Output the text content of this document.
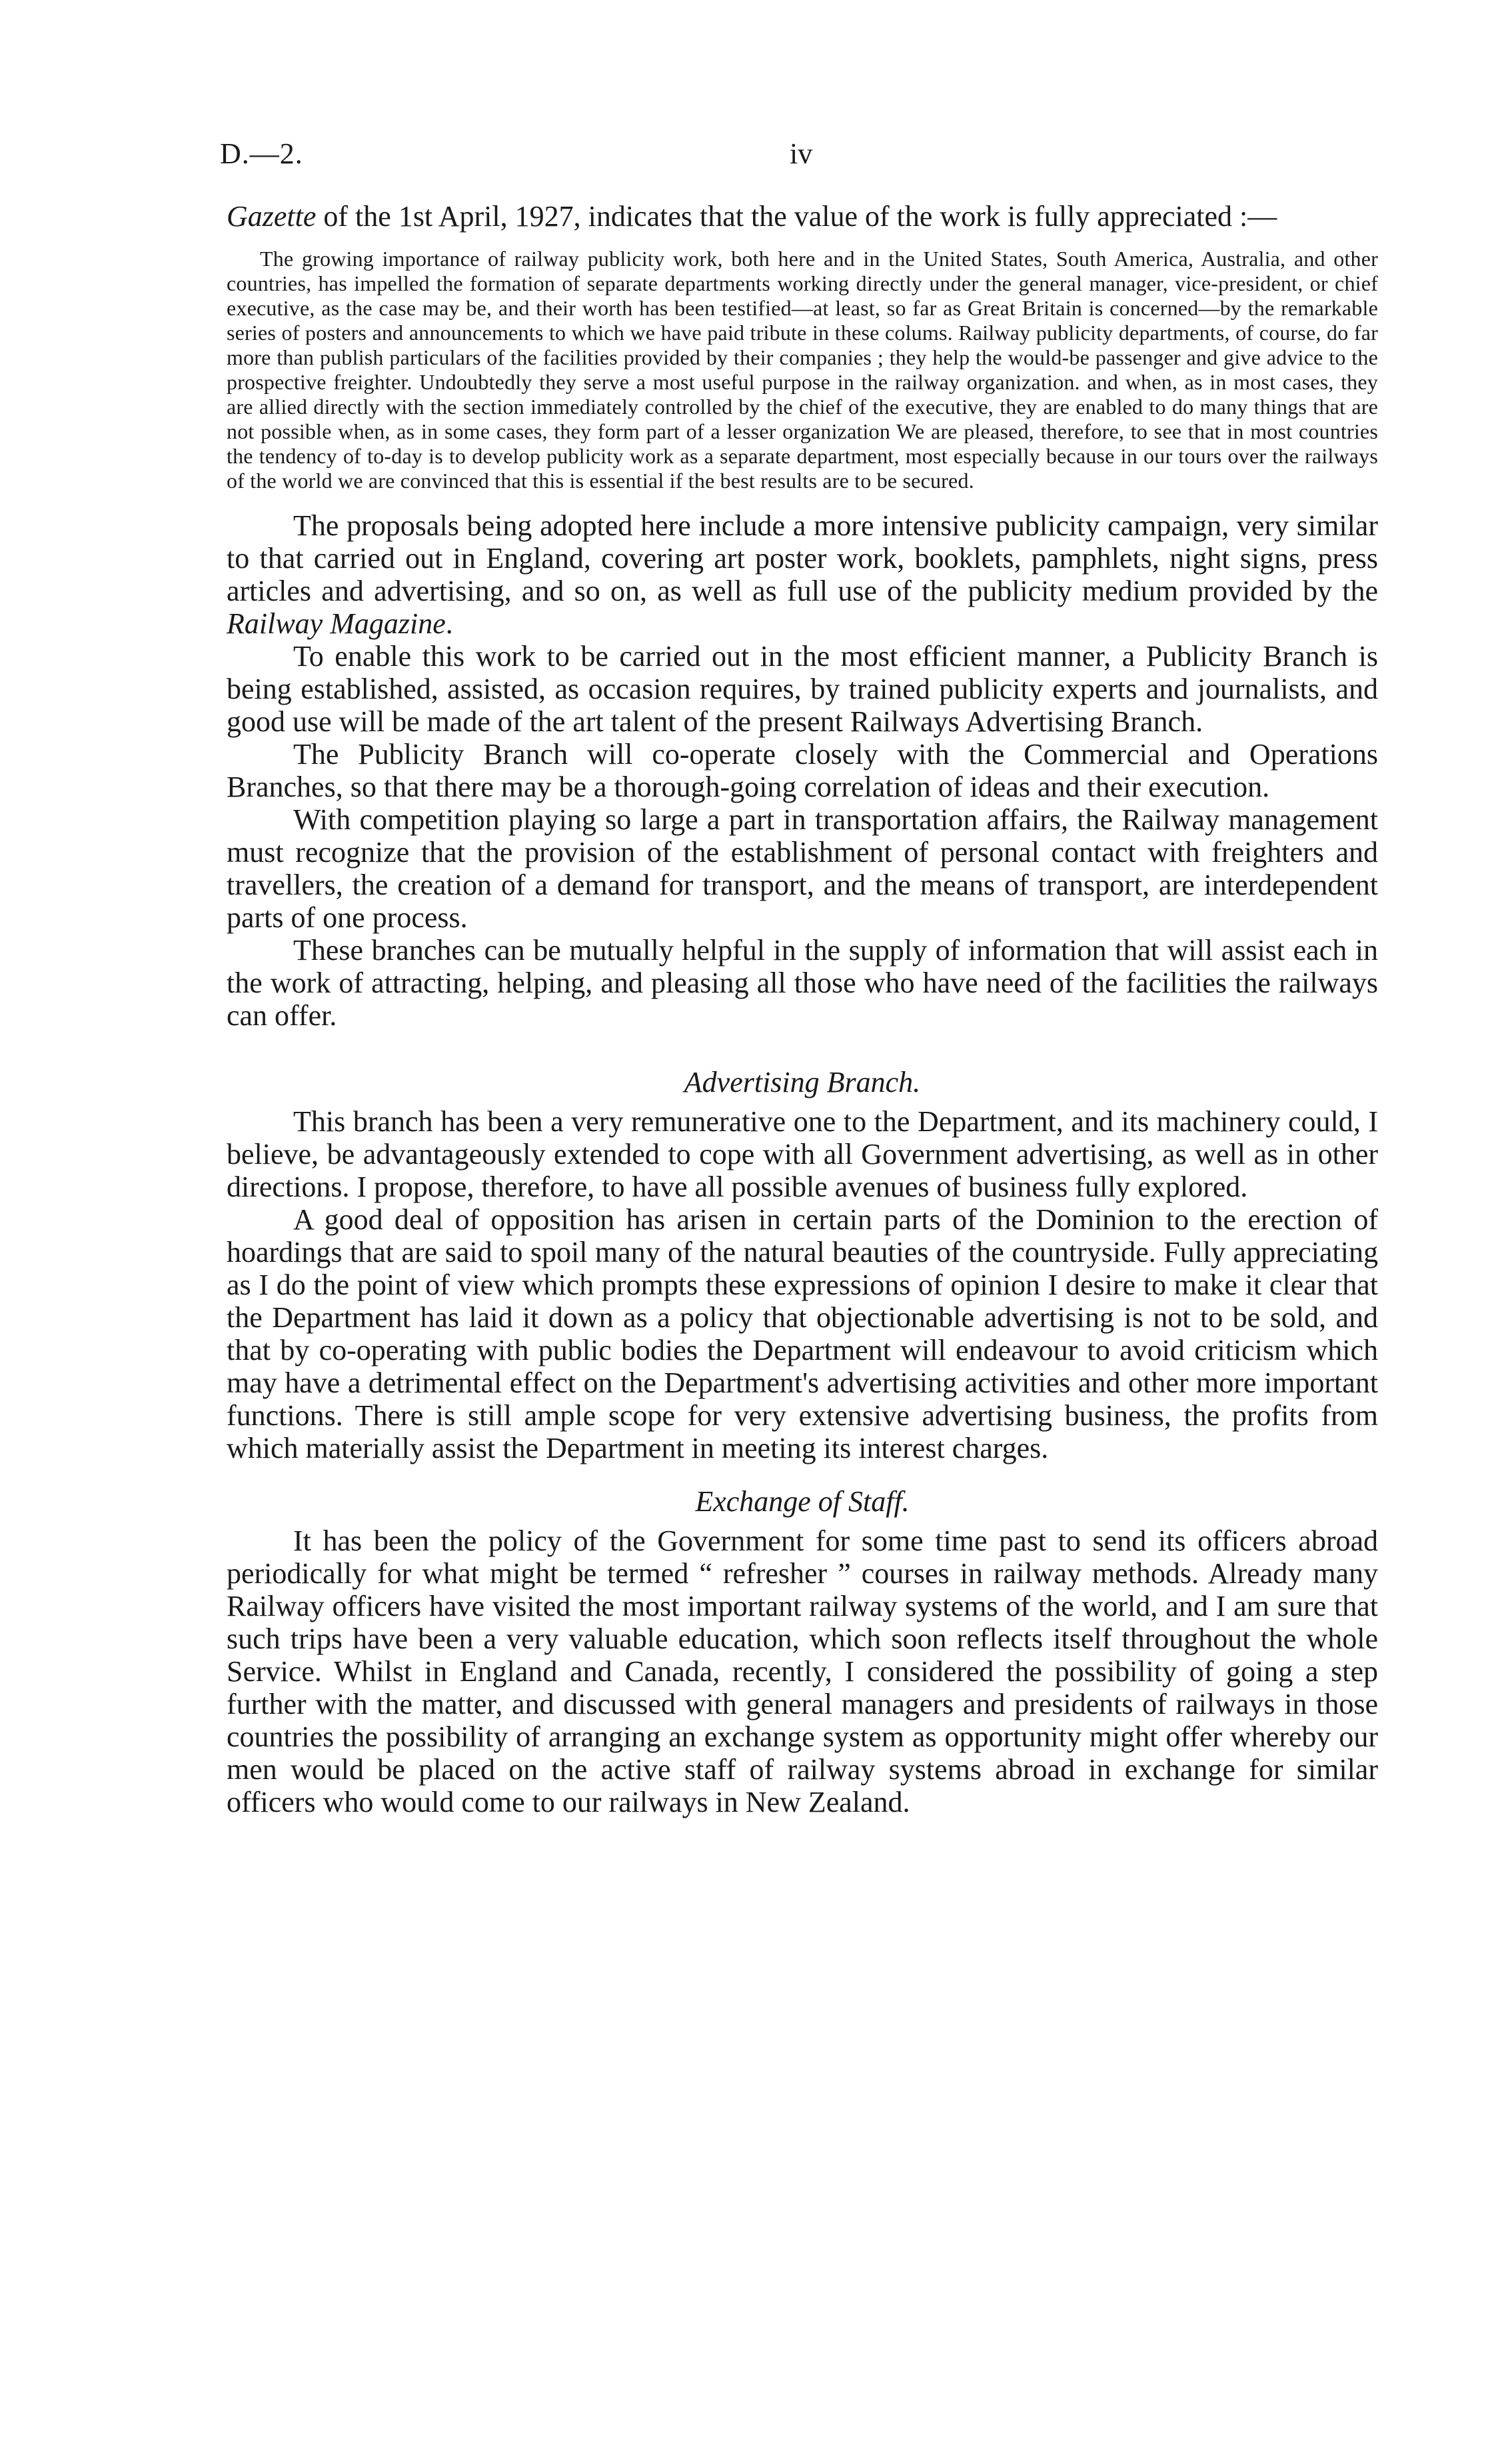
D.—2.	iv

Gazette of the 1st April, 1927, indicates that the value of the work is fully appreciated :—

The growing importance of railway publicity work, both here and in the United States, South America, Australia, and other countries, has impelled the formation of separate departments working directly under the general manager, vice-president, or chief executive, as the case may be, and their worth has been testified—at least, so far as Great Britain is concerned—by the remarkable series of posters and announcements to which we have paid tribute in these colums. Railway publicity departments, of course, do far more than publish particulars of the facilities provided by their companies ; they help the would-be passenger and give advice to the prospective freighter. Undoubtedly they serve a most useful purpose in the railway organization. and when, as in most cases, they are allied directly with the section immediately controlled by the chief of the executive, they are enabled to do many things that are not possible when, as in some cases, they form part of a lesser organization We are pleased, therefore, to see that in most countries the tendency of to-day is to develop publicity work as a separate department, most especially because in our tours over the railways of the world we are convinced that this is essential if the best results are to be secured.

The proposals being adopted here include a more intensive publicity campaign, very similar to that carried out in England, covering art poster work, booklets, pamphlets, night signs, press articles and advertising, and so on, as well as full use of the publicity medium provided by the Railway Magazine.

To enable this work to be carried out in the most efficient manner, a Publicity Branch is being established, assisted, as occasion requires, by trained publicity experts and journalists, and good use will be made of the art talent of the present Railways Advertising Branch.

The Publicity Branch will co-operate closely with the Commercial and Operations Branches, so that there may be a thorough-going correlation of ideas and their execution.

With competition playing so large a part in transportation affairs, the Railway management must recognize that the provision of the establishment of personal contact with freighters and travellers, the creation of a demand for transport, and the means of transport, are interdependent parts of one process.

These branches can be mutually helpful in the supply of information that will assist each in the work of attracting, helping, and pleasing all those who have need of the facilities the railways can offer.

Advertising Branch.

This branch has been a very remunerative one to the Department, and its machinery could, I believe, be advantageously extended to cope with all Government advertising, as well as in other directions. I propose, therefore, to have all possible avenues of business fully explored.

A good deal of opposition has arisen in certain parts of the Dominion to the erection of hoardings that are said to spoil many of the natural beauties of the countryside. Fully appreciating as I do the point of view which prompts these expressions of opinion I desire to make it clear that the Department has laid it down as a policy that objectionable advertising is not to be sold, and that by co-operating with public bodies the Department will endeavour to avoid criticism which may have a detrimental effect on the Department's advertising activities and other more important functions. There is still ample scope for very extensive advertising business, the profits from which materially assist the Department in meeting its interest charges.

Exchange of Staff.

It has been the policy of the Government for some time past to send its officers abroad periodically for what might be termed “ refresher ” courses in railway methods. Already many Railway officers have visited the most important railway systems of the world, and I am sure that such trips have been a very valuable education, which soon reflects itself throughout the whole Service. Whilst in England and Canada, recently, I considered the possibility of going a step further with the matter, and discussed with general managers and presidents of railways in those countries the possibility of arranging an exchange system as opportunity might offer whereby our men would be placed on the active staff of railway systems abroad in exchange for similar officers who would come to our railways in New Zealand.
